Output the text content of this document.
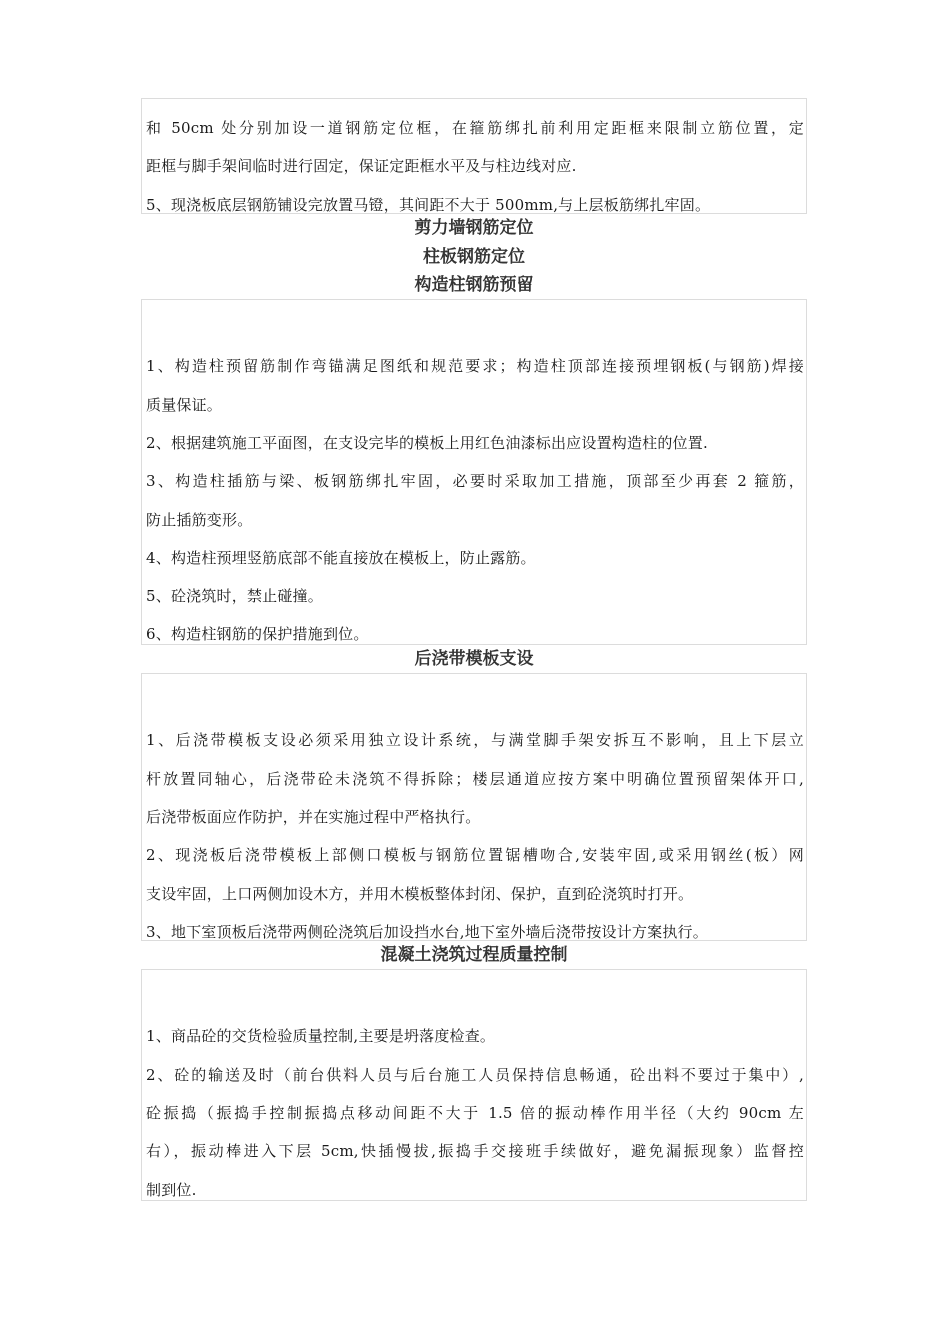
和 50cm 处分别加设一道钢筋定位框，在箍筋绑扎前利用定距框来限制立筋位置，定
距框与脚手架间临时进行固定，保证定距框水平及与柱边线对应.
5、现浇板底层钢筋铺设完放置马镫，其间距不大于 500mm,与上层板筋绑扎牢固。
剪力墙钢筋定位
柱板钢筋定位
构造柱钢筋预留
1、构造柱预留筋制作弯锚满足图纸和规范要求；构造柱顶部连接预埋钢板(与钢筋)焊接
质量保证。
2、根据建筑施工平面图，在支设完毕的模板上用红色油漆标出应设置构造柱的位置.
3、构造柱插筋与梁、板钢筋绑扎牢固，必要时采取加工措施，顶部至少再套 2 箍筋，
防止插筋变形。
4、构造柱预埋竖筋底部不能直接放在模板上，防止露筋。
5、砼浇筑时，禁止碰撞。
6、构造柱钢筋的保护措施到位。
后浇带模板支设
1、后浇带模板支设必须采用独立设计系统，与满堂脚手架安拆互不影响，且上下层立
杆放置同轴心，后浇带砼未浇筑不得拆除；楼层通道应按方案中明确位置预留架体开口,
后浇带板面应作防护，并在实施过程中严格执行。
2、现浇板后浇带模板上部侧口模板与钢筋位置锯槽吻合,安装牢固,或采用钢丝(板）网
支设牢固，上口两侧加设木方，并用木模板整体封闭、保护，直到砼浇筑时打开。
3、地下室顶板后浇带两侧砼浇筑后加设挡水台,地下室外墙后浇带按设计方案执行。
混凝土浇筑过程质量控制
1、商品砼的交货检验质量控制,主要是坍落度检查。
2、砼的输送及时（前台供料人员与后台施工人员保持信息畅通，砼出料不要过于集中）,
砼振捣（振捣手控制振捣点移动间距不大于 1.5 倍的振动棒作用半径（大约 90cm 左
右），振动棒进入下层 5cm,快插慢拔,振捣手交接班手续做好，避免漏振现象）监督控
制到位.
